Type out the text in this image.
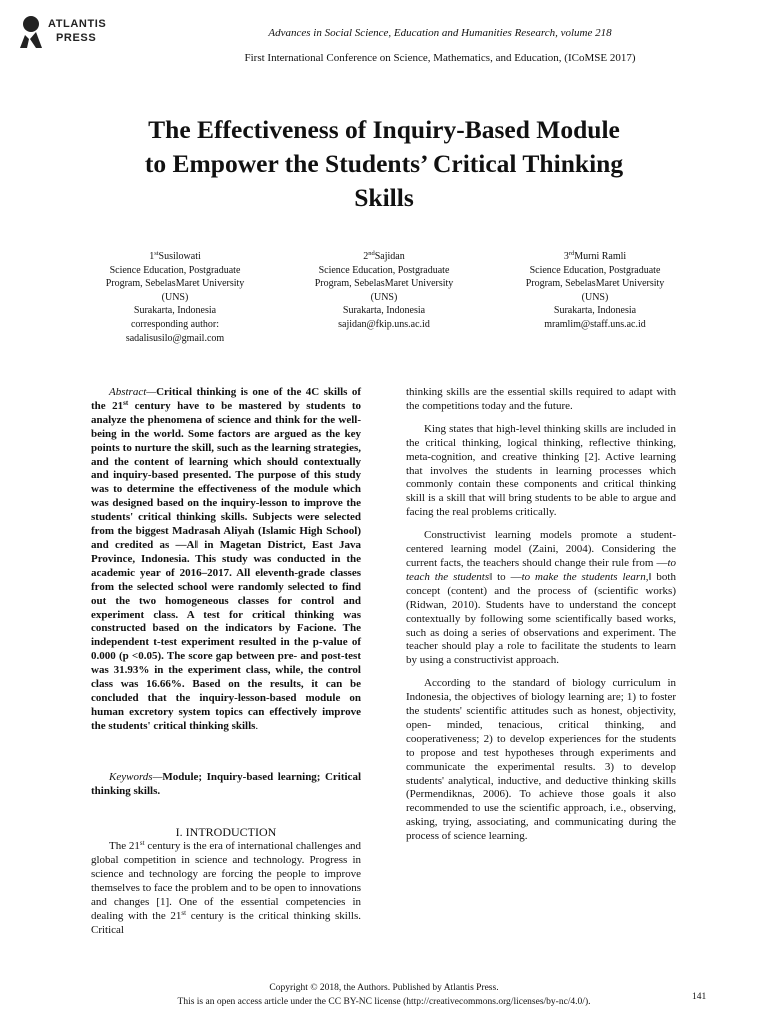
ATLANTIS
PRESS	Advances in Social Science, Education and Humanities Research, volume 218
First International Conference on Science, Mathematics, and Education, (ICoMSE 2017)
The Effectiveness of Inquiry-Based Module
to Empower the Students’ Critical Thinking
Skills
1stSusilowati
Science Education, Postgraduate
Program, SebelasMaret University
(UNS)
Surakarta, Indonesia
corresponding author:
sadalisusilo@gmail.com
2ndSajidan
Science Education, Postgraduate
Program, SebelasMaret University
(UNS)
Surakarta, Indonesia
sajidan@fkip.uns.ac.id
3rdMurni Ramli
Science Education, Postgraduate
Program, SebelasMaret University
(UNS)
Surakarta, Indonesia
mramlim@staff.uns.ac.id

Abstract—Critical thinking is one of the 4C skills of the 21st century have to be mastered by students to analyze the phenomena of science and think for the well-being in the world. Some factors are argued as the key points to nurture the skill, such as the learning strategies, and the content of learning which should contextually and inquiry-based presented. The purpose of this study was to determine the effectiveness of the module which was designed based on the inquiry-lesson to improve the students' critical thinking skills. Subjects were selected from the biggest Madrasah Aliyah (Islamic High School) and credited as ―A‖ in Magetan District, East Java Province, Indonesia. This study was conducted in the academic year of 2016–2017. All eleventh-grade classes from the selected school were randomly selected to find out the two homogeneous classes for control and experiment class. A test for critical thinking was constructed based on the indicators by Facione. The independent t-test experiment resulted in the p-value of 0.000 (p <0.05). The score gap between pre- and post-test was 31.93% in the experiment class, while, the control class was 16.66%. Based on the results, it can be concluded that the inquiry-lesson-based module on human excretory system topics can effectively improve the students' critical thinking skills.

Keywords—Module; Inquiry-based learning; Critical thinking skills.

I. INTRODUCTION

The 21st century is the era of international challenges and global competition in science and technology. Progress in science and technology are forcing the people to improve themselves to face the problem and to be open to innovations and changes [1]. One of the essential competencies in dealing with the 21st century is the critical thinking skills. Critical

thinking skills are the essential skills required to adapt with the competitions today and the future.

King states that high-level thinking skills are included in the critical thinking, logical thinking, reflective thinking, meta-cognition, and creative thinking [2]. Active learning that involves the students in learning processes which commonly contain these components and critical thinking skill is a skill that will bring students to be able to argue and facing the real problems critically.

Constructivist learning models promote a student-centered learning model (Zaini, 2004). Considering the current facts, the teachers should change their rule from ―to teach the students‖ to ―to make the students learn,‖ both concept (content) and the process of (scientific works) (Ridwan, 2010). Students have to understand the concept contextually by following some scientifically based works, such as doing a series of observations and experiment. The teacher should play a role to facilitate the students to learn by using a constructivist approach.

According to the standard of biology curriculum in Indonesia, the objectives of biology learning are; 1) to foster the students' scientific attitudes such as honest, objectivity, open- minded, tenacious, critical thinking, and cooperativeness; 2) to develop experiences for the students to propose and test hypotheses through experiments and communicate the experimental results. 3) to develop students' analytical, inductive, and deductive thinking skills (Permendiknas, 2006). To achieve those goals it also recommended to use the scientific approach, i.e., observing, asking, trying, associating, and communicating during the process of science learning.

Copyright © 2018, the Authors. Published by Atlantis Press.
This is an open access article under the CC BY-NC license (http://creativecommons.org/licenses/by-nc/4.0/).	141
